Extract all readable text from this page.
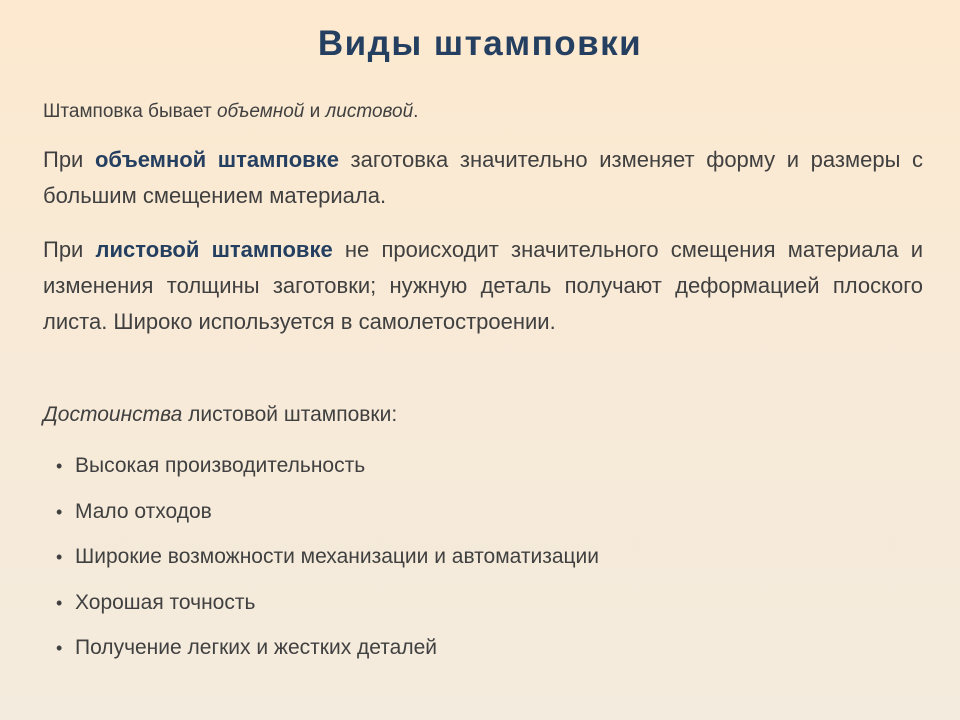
Виды штамповки
Штамповка бывает объемной и листовой.
При объемной штамповке заготовка значительно изменяет форму и размеры с большим смещением материала.
При листовой штамповке не происходит значительного смещения материала и изменения толщины заготовки; нужную деталь получают деформацией плоского листа. Широко используется в самолетостроении.
Достоинства листовой штамповки:
• Высокая производительность
• Мало отходов
• Широкие возможности механизации и автоматизации
• Хорошая точность
• Получение легких и жестких деталей
